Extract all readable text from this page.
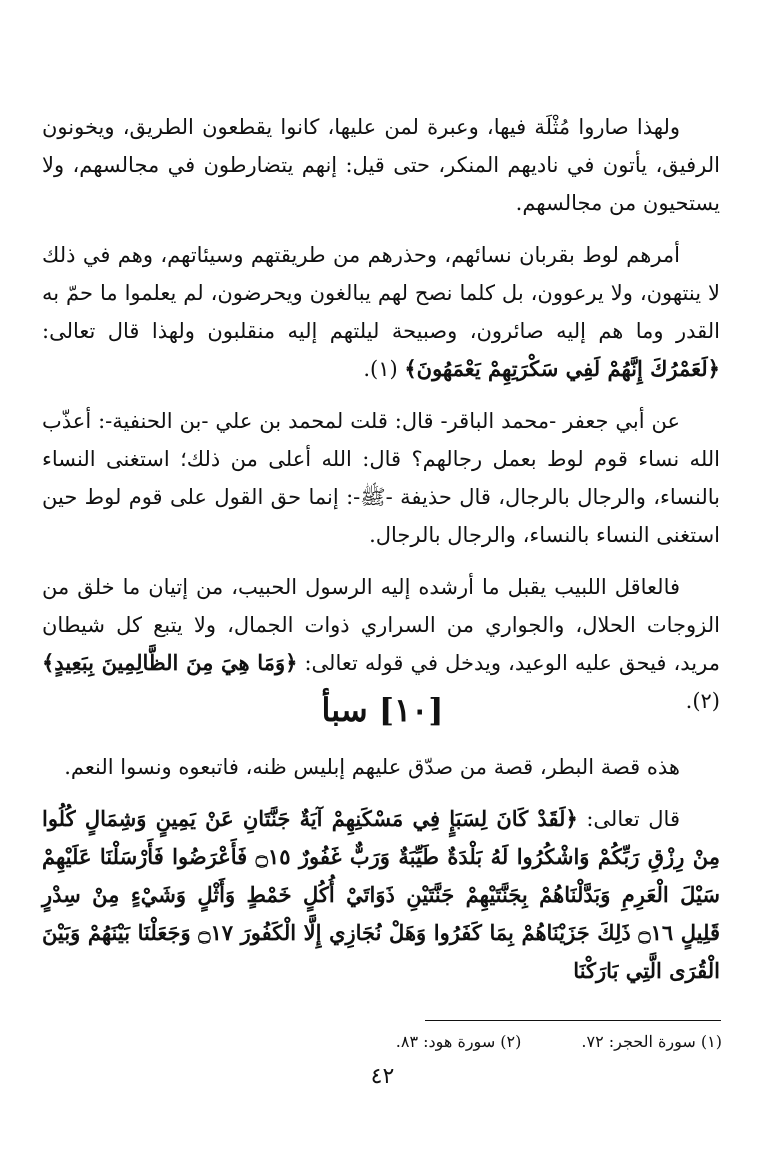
ولهذا صاروا مُثْلَة فيها، وعبرة لمن عليها، كانوا يقطعون الطريق، ويخونون الرفيق، يأتون في ناديهم المنكر، حتى قيل: إنهم يتضارطون في مجالسهم، ولا يستحيون من مجالسهم.

أمرهم لوط بقربان نسائهم، وحذرهم من طريقتهم وسيئاتهم، وهم في ذلك لا ينتهون، ولا يرعوون، بل كلما نصح لهم يبالغون ويحرضون، لم يعلموا ما حمّ به القدر وما هم إليه صائرون، وصبيحة ليلتهم إليه منقلبون ولهذا قال تعالى: ﴿لَعَمْرُكَ إِنَّهُمْ لَفِي سَكْرَتِهِمْ يَعْمَهُونَ﴾ (١).

عن أبي جعفر -محمد الباقر- قال: قلت لمحمد بن علي -بن الحنفية-: أعذّب الله نساء قوم لوط بعمل رجالهم؟ قال: الله أعلى من ذلك؛ استغنى النساء بالنساء، والرجال بالرجال، قال حذيفة -ﷺ-: إنما حق القول على قوم لوط حين استغنى النساء بالنساء، والرجال بالرجال.

فالعاقل اللبيب يقبل ما أرشده إليه الرسول الحبيب، من إتيان ما خلق من الزوجات الحلال، والجواري من السراري ذوات الجمال، ولا يتبع كل شيطان مريد، فيحق عليه الوعيد، ويدخل في قوله تعالى: ﴿وَمَا هِيَ مِنَ الظَّالِمِينَ بِبَعِيدٍ﴾ (٢).

[١٠] سبأ

هذه قصة البطر، قصة من صدّق عليهم إبليس ظنه، فاتبعوه ونسوا النعم.

قال تعالى: ﴿لَقَدْ كَانَ لِسَبَإٍ فِي مَسْكَنِهِمْ آيَةٌ جَنَّتَانِ عَنْ يَمِينٍ وَشِمَالٍ كُلُوا مِنْ رِزْقِ رَبِّكُمْ وَاشْكُرُوا لَهُ بَلْدَةٌ طَيِّبَةٌ وَرَبٌّ غَفُورٌ ۝١٥ فَأَعْرَضُوا فَأَرْسَلْنَا عَلَيْهِمْ سَيْلَ الْعَرِمِ وَبَدَّلْنَاهُمْ بِجَنَّتَيْهِمْ جَنَّتَيْنِ ذَوَاتَيْ أُكُلٍ خَمْطٍ وَأَثْلٍ وَشَيْءٍ مِنْ سِدْرٍ قَلِيلٍ ۝١٦ ذَلِكَ جَزَيْنَاهُمْ بِمَا كَفَرُوا وَهَلْ نُجَازِي إِلَّا الْكَفُورَ ۝١٧ وَجَعَلْنَا بَيْنَهُمْ وَبَيْنَ الْقُرَى الَّتِي بَارَكْنَا

(١) سورة الحجر: ٧٢.
(٢) سورة هود: ٨٣.
٤٢
